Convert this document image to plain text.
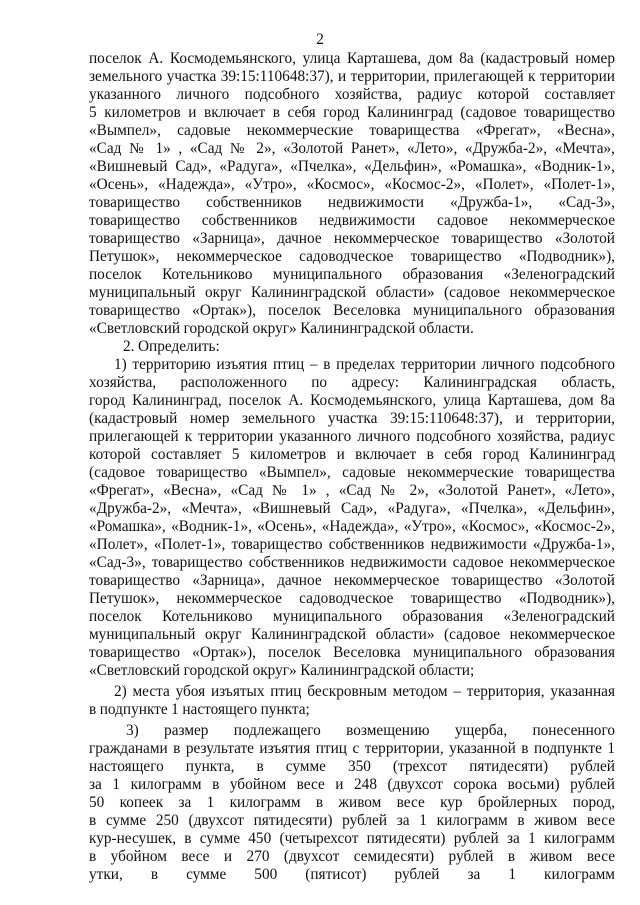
2
поселок А. Космодемьянского, улица Карташева, дом 8а (кадастровый номер
земельного участка 39:15:110648:37), и территории, прилегающей к территории
указанного личного подсобного хозяйства, радиус которой составляет
5 километров и включает в себя город Калининград (садовое товарищество
«Вымпел», садовые некоммерческие товарищества «Фрегат», «Весна»,
«Сад № 1» , «Сад № 2», «Золотой Ранет», «Лето», «Дружба-2», «Мечта»,
«Вишневый Сад», «Радуга», «Пчелка», «Дельфин», «Ромашка», «Водник-1»,
«Осень», «Надежда», «Утро», «Космос», «Космос-2», «Полет», «Полет-1»,
товарищество собственников недвижимости «Дружба-1», «Сад-3»,
товарищество собственников недвижимости садовое некоммерческое
товарищество «Зарница», дачное некоммерческое товарищество «Золотой
Петушок», некоммерческое садоводческое товарищество «Подводник»),
поселок Котельниково муниципального образования «Зеленоградский
муниципальный округ Калининградской области» (садовое некоммерческое
товарищество «Ортак»), поселок Веселовка муниципального образования
«Светловский городской округ» Калининградской области.
2. Определить:
1) территорию изъятия птиц – в пределах территории личного подсобного
хозяйства, расположенного по адресу: Калининградская область,
город Калининград, поселок А. Космодемьянского, улица Карташева, дом 8а
(кадастровый номер земельного участка 39:15:110648:37), и территории,
прилегающей к территории указанного личного подсобного хозяйства, радиус
которой составляет 5 километров и включает в себя город Калининград
(садовое товарищество «Вымпел», садовые некоммерческие товарищества
«Фрегат», «Весна», «Сад № 1» , «Сад № 2», «Золотой Ранет», «Лето»,
«Дружба-2», «Мечта», «Вишневый Сад», «Радуга», «Пчелка», «Дельфин»,
«Ромашка», «Водник-1», «Осень», «Надежда», «Утро», «Космос», «Космос-2»,
«Полет», «Полет-1», товарищество собственников недвижимости «Дружба-1»,
«Сад-3», товарищество собственников недвижимости садовое некоммерческое
товарищество «Зарница», дачное некоммерческое товарищество «Золотой
Петушок», некоммерческое садоводческое товарищество «Подводник»),
поселок Котельниково муниципального образования «Зеленоградский
муниципальный округ Калининградской области» (садовое некоммерческое
товарищество «Ортак»), поселок Веселовка муниципального образования
«Светловский городской округ» Калининградской области;
2) места убоя изъятых птиц бескровным методом – территория, указанная
в подпункте 1 настоящего пункта;
3) размер подлежащего возмещению ущерба, понесенного
гражданами в результате изъятия птиц с территории, указанной в подпункте 1
настоящего пункта, в сумме 350 (трехсот пятидесяти) рублей
за 1 килограмм в убойном весе и 248 (двухсот сорока восьми) рублей
50 копеек за 1 килограмм в живом весе кур бройлерных пород,
в сумме 250 (двухсот пятидесяти) рублей за 1 килограмм в живом весе
кур-несушек, в сумме 450 (четырехсот пятидесяти) рублей за 1 килограмм
в убойном весе и 270 (двухсот семидесяти) рублей в живом весе
утки, в сумме 500 (пятисот) рублей за 1 килограмм
